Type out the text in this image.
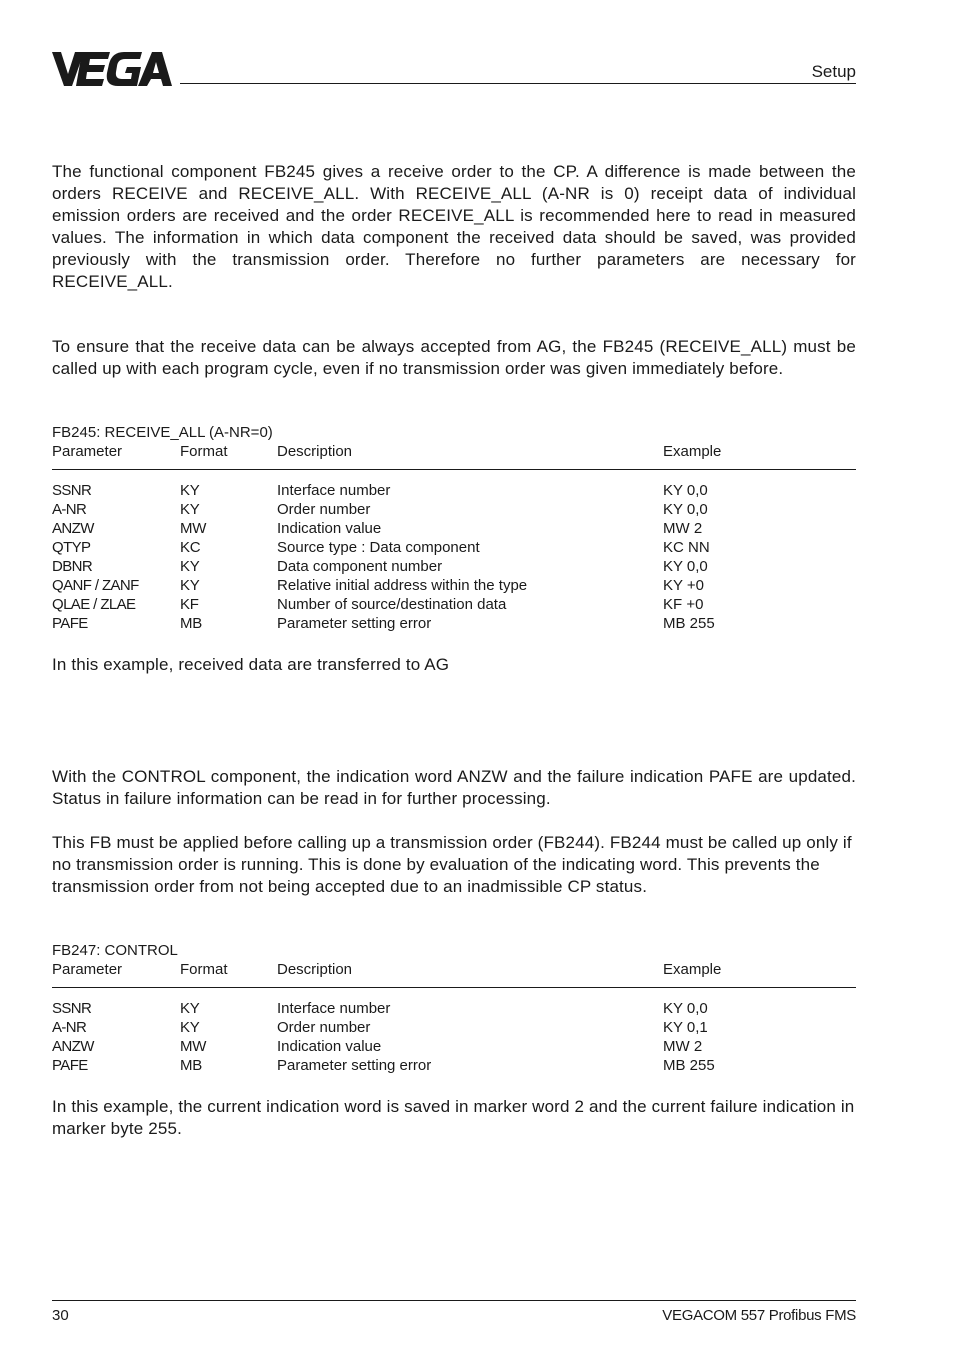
Setup

The functional component FB245 gives a receive order to the CP. A difference is made between the orders RECEIVE and RECEIVE_ALL. With RECEIVE_ALL (A-NR is 0) receipt data of individual emission orders are received and the order RECEIVE_ALL is recommended here to read in measured values. The information in which data component the received data should be saved, was provided previously with the transmission order. Therefore no further parameters are necessary for RECEIVE_ALL.

To ensure that the receive data can be always accepted from AG, the FB245 (RECEIVE_ALL) must be called up with each program cycle, even if no transmission order was given immediately before.

FB245: RECEIVE_ALL (A-NR=0)
Parameter	Format	Description	Example
SSNR	KY	Interface number	KY 0,0
A-NR	KY	Order number	KY 0,0
ANZW	MW	Indication value	MW 2
QTYP	KC	Source type : Data component	KC NN
DBNR	KY	Data component number	KY 0,0
QANF / ZANF	KY	Relative initial address within the type	KY +0
QLAE / ZLAE	KF	Number of source/destination data	KF +0
PAFE	MB	Parameter setting error	MB 255

In this example, received data are transferred to AG

With the CONTROL component, the indication word ANZW and the failure indication PAFE are updated. Status in failure information can be read in for further processing.

This FB must be applied before calling up a transmission order (FB244). FB244 must be called up only if no transmission order is running. This is done by evaluation of the indicating word. This prevents the transmission order from not being accepted due to an inadmissible CP status.

FB247: CONTROL
Parameter	Format	Description	Example
SSNR	KY	Interface number	KY 0,0
A-NR	KY	Order number	KY 0,1
ANZW	MW	Indication value	MW 2
PAFE	MB	Parameter setting error	MB 255

In this example, the current indication word is saved in marker word 2 and the current failure indication in marker byte 255.

30	VEGACOM 557 Profibus FMS
